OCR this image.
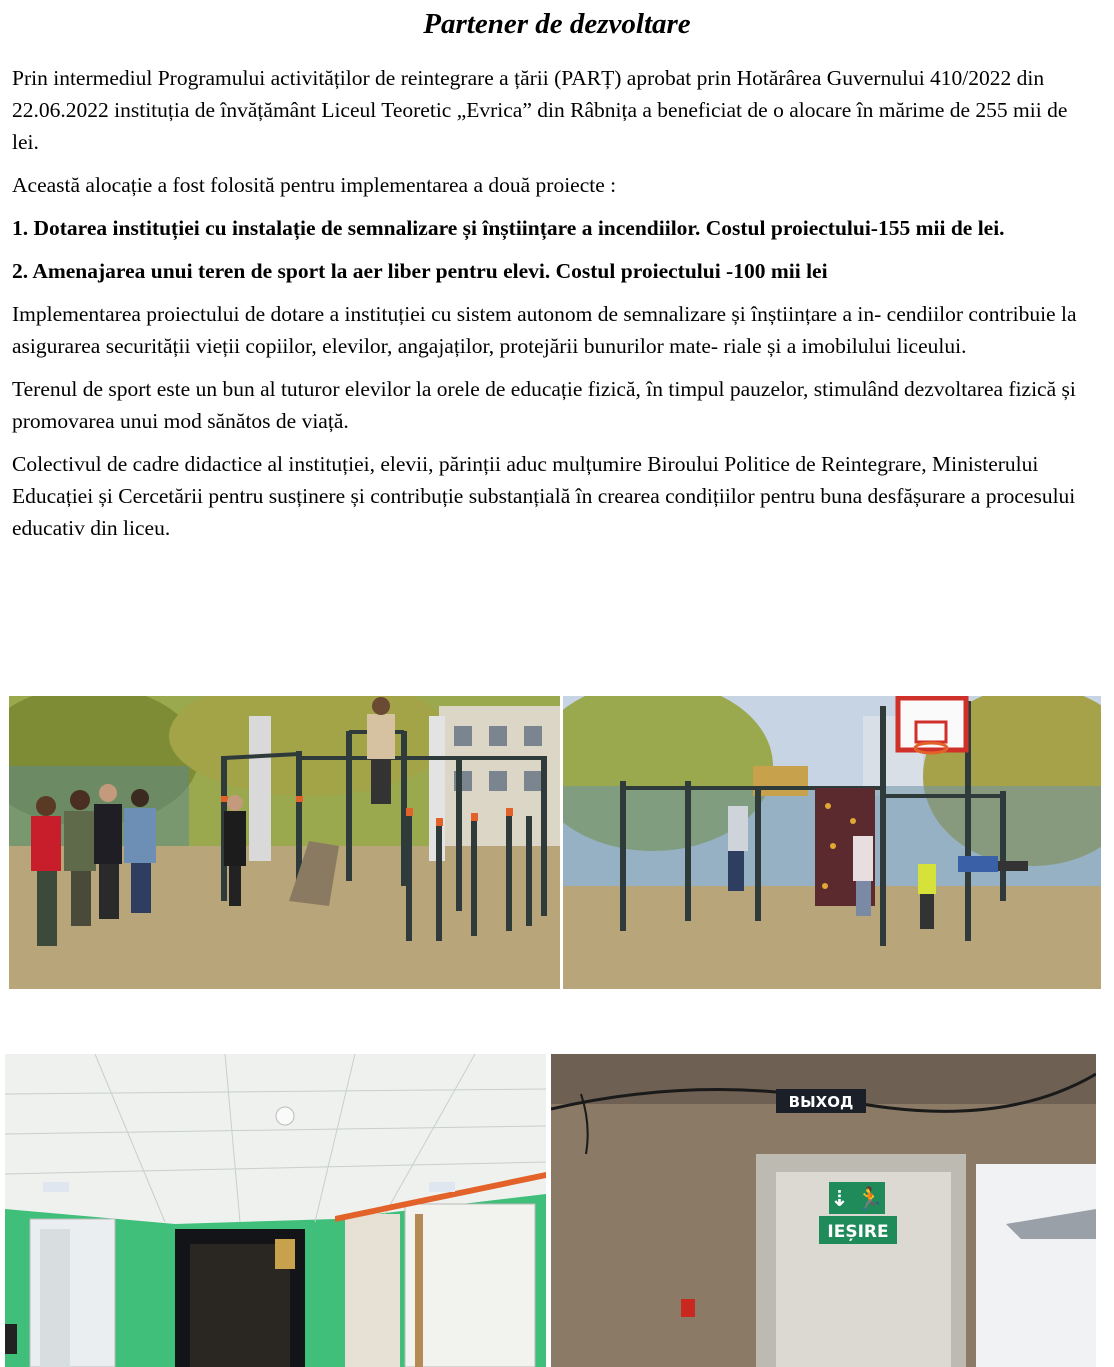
Partener de dezvoltare

Prin intermediul Programului activităților de reintegrare a țării (PARȚ) aprobat prin Hotărârea Guvernului 410/2022 din 22.06.2022 instituția de învățământ Liceul Teoretic „Evrica” din Râbnița a beneficiat de o alocare în mărime de 255 mii de lei.

Această alocație a fost folosită pentru implementarea a două proiecte :

1. Dotarea instituției cu instalație de semnalizare și înștiințare a incendiilor. Costul proiectului-155 mii de lei.

2. Amenajarea unui teren de sport la aer liber pentru elevi. Costul proiectului -100 mii lei

Implementarea proiectului de dotare a instituției cu sistem autonom de semnalizare și înștiințare a in- cendiilor contribuie la asigurarea securității vieții copiilor, elevilor, angajaților, protejării bunurilor mate- riale și a imobilului liceului.

Terenul de sport este un bun al tuturor elevilor la orele de educație fizică, în timpul pauzelor, stimulând dezvoltarea fizică și promovarea unui mod sănătos de viață.

Colectivul de cadre didactice al instituției, elevii, părinții aduc mulțumire Biroului Politice de Reintegrare, Ministerului Educației și Cercetării pentru susținere și contribuție substanțială în crearea condițiilor pentru buna desfășurare a procesului educativ din liceu.

ВЫХОД
⇣ 🏃
IEȘIRE
